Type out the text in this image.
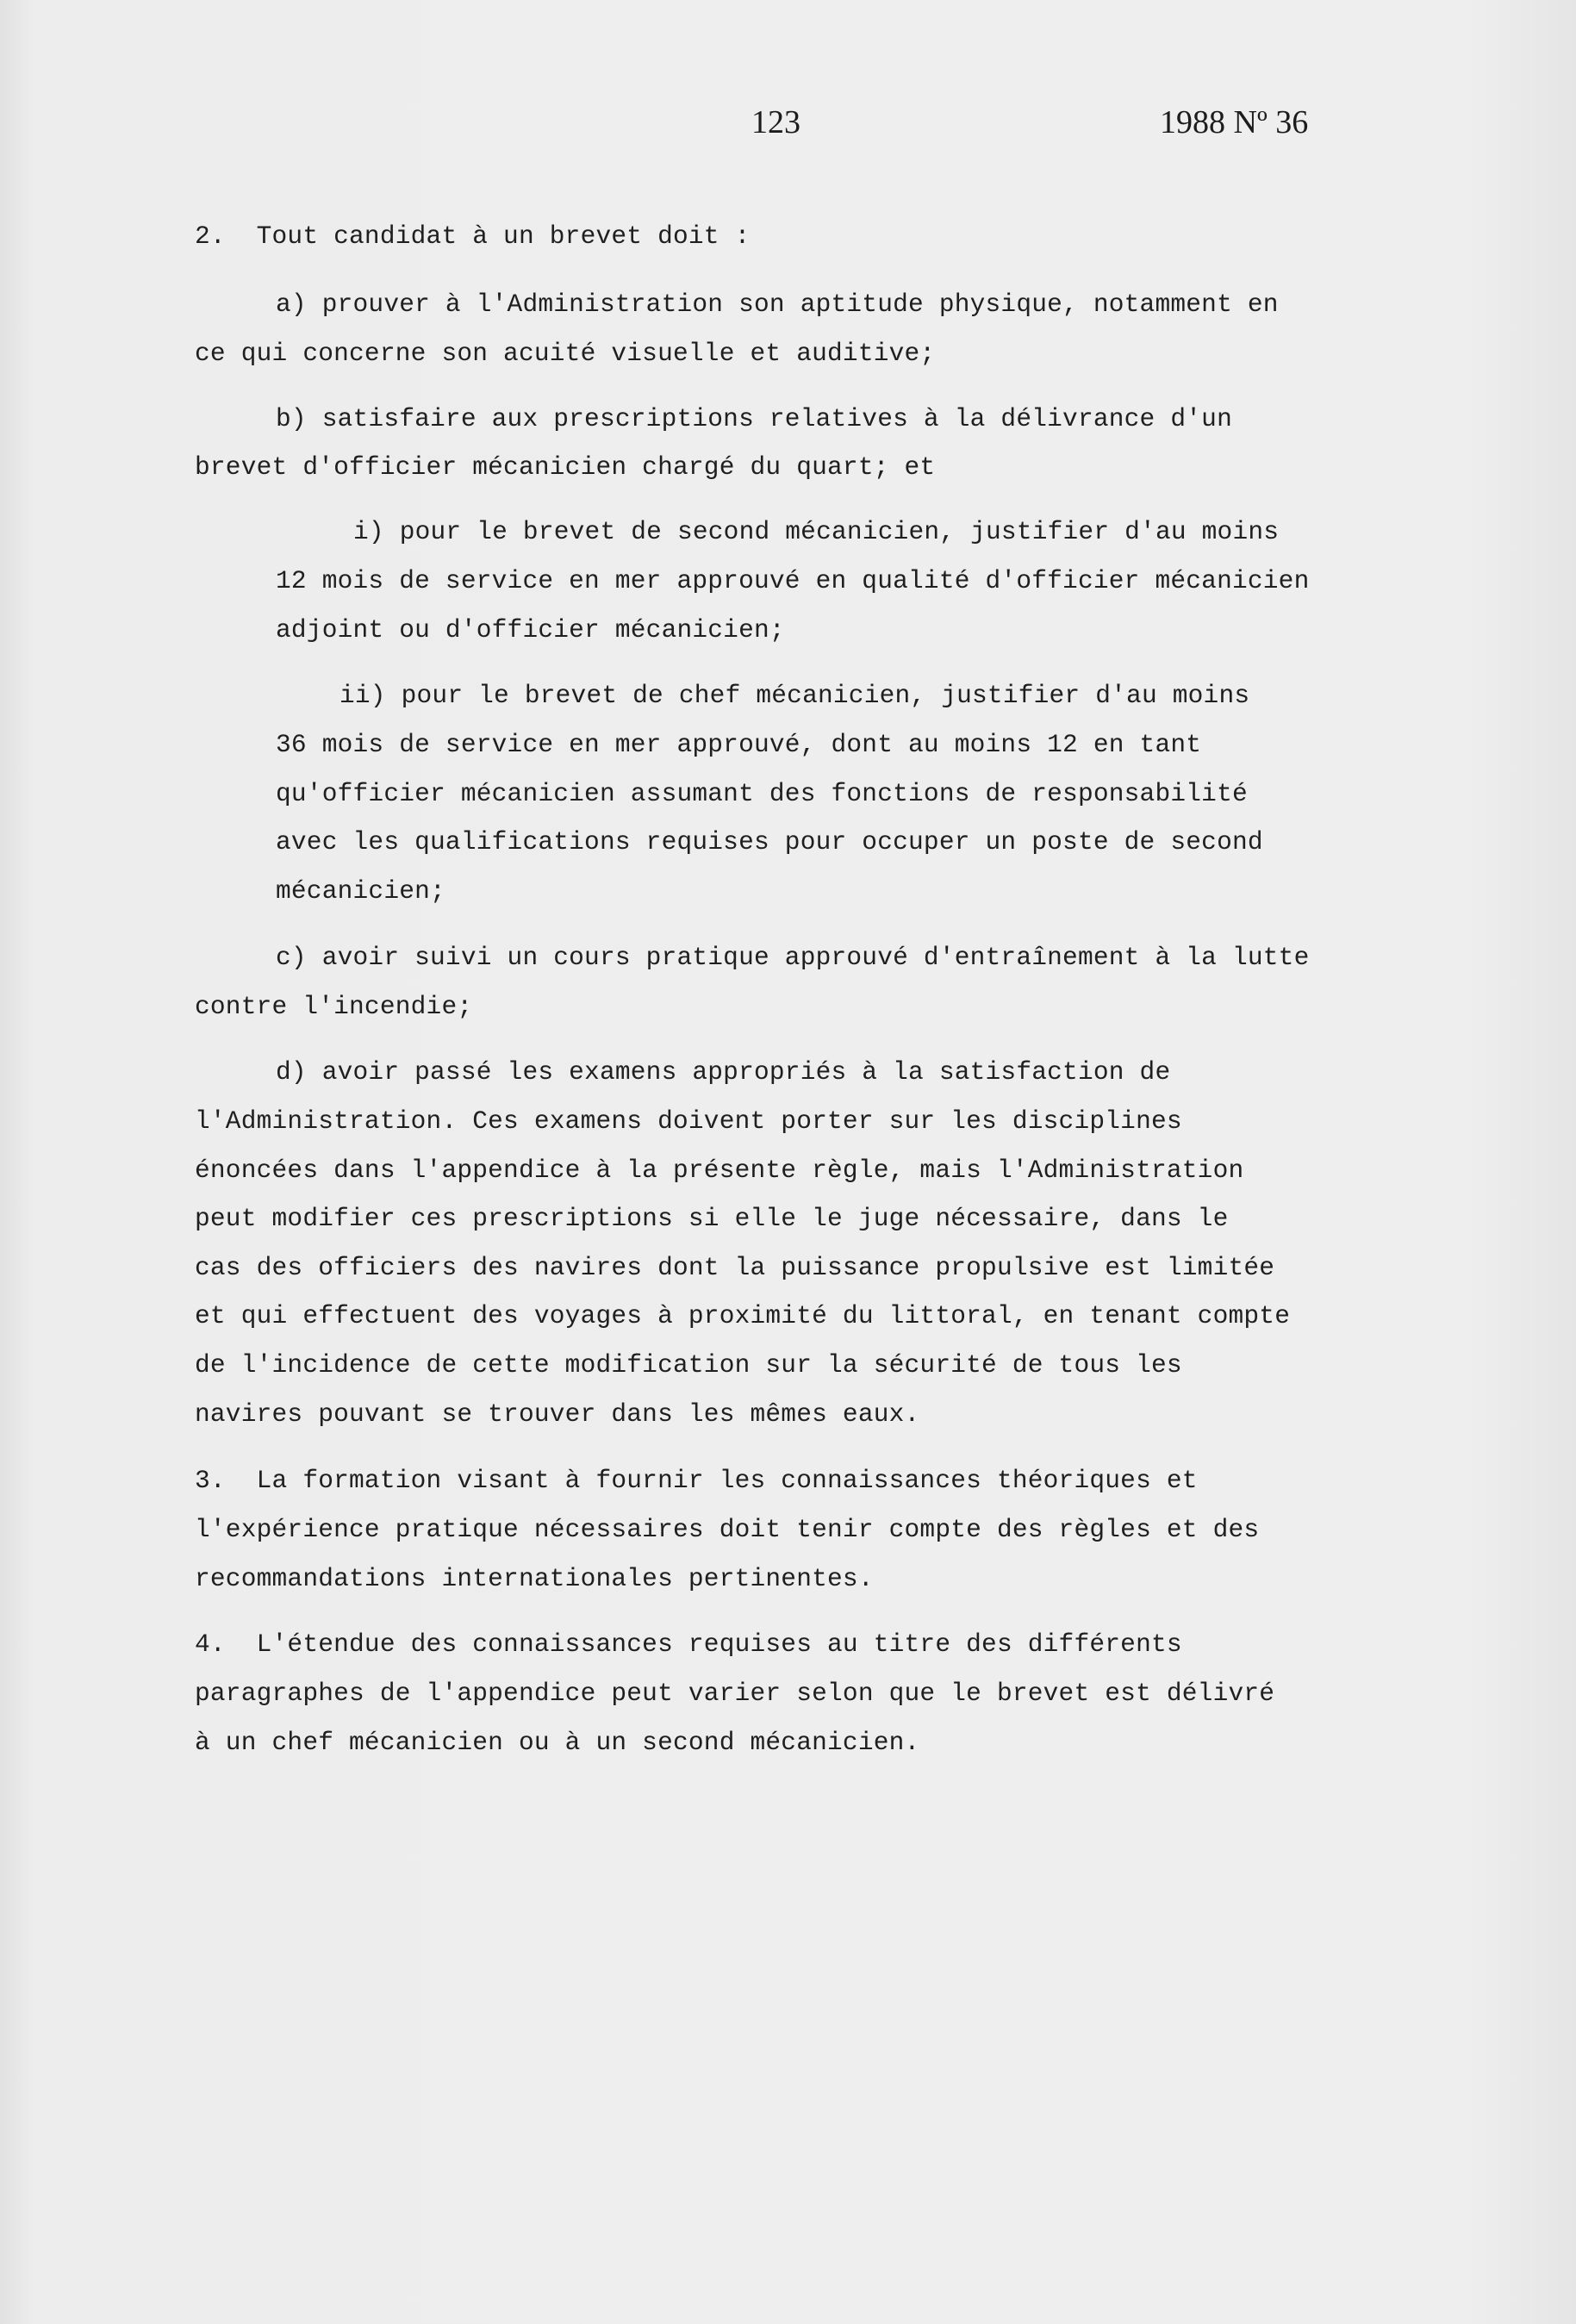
123	1988 Nº 36
2.  Tout candidat à un brevet doit :
a) prouver à l'Administration son aptitude physique, notamment en
ce qui concerne son acuité visuelle et auditive;
b) satisfaire aux prescriptions relatives à la délivrance d'un
brevet d'officier mécanicien chargé du quart; et
i) pour le brevet de second mécanicien, justifier d'au moins
12 mois de service en mer approuvé en qualité d'officier mécanicien
adjoint ou d'officier mécanicien;
ii) pour le brevet de chef mécanicien, justifier d'au moins
36 mois de service en mer approuvé, dont au moins 12 en tant
qu'officier mécanicien assumant des fonctions de responsabilité
avec les qualifications requises pour occuper un poste de second
mécanicien;
c) avoir suivi un cours pratique approuvé d'entraînement à la lutte
contre l'incendie;
d) avoir passé les examens appropriés à la satisfaction de
l'Administration. Ces examens doivent porter sur les disciplines
énoncées dans l'appendice à la présente règle, mais l'Administration
peut modifier ces prescriptions si elle le juge nécessaire, dans le
cas des officiers des navires dont la puissance propulsive est limitée
et qui effectuent des voyages à proximité du littoral, en tenant compte
de l'incidence de cette modification sur la sécurité de tous les
navires pouvant se trouver dans les mêmes eaux.
3.  La formation visant à fournir les connaissances théoriques et
l'expérience pratique nécessaires doit tenir compte des règles et des
recommandations internationales pertinentes.
4.  L'étendue des connaissances requises au titre des différents
paragraphes de l'appendice peut varier selon que le brevet est délivré
à un chef mécanicien ou à un second mécanicien.
